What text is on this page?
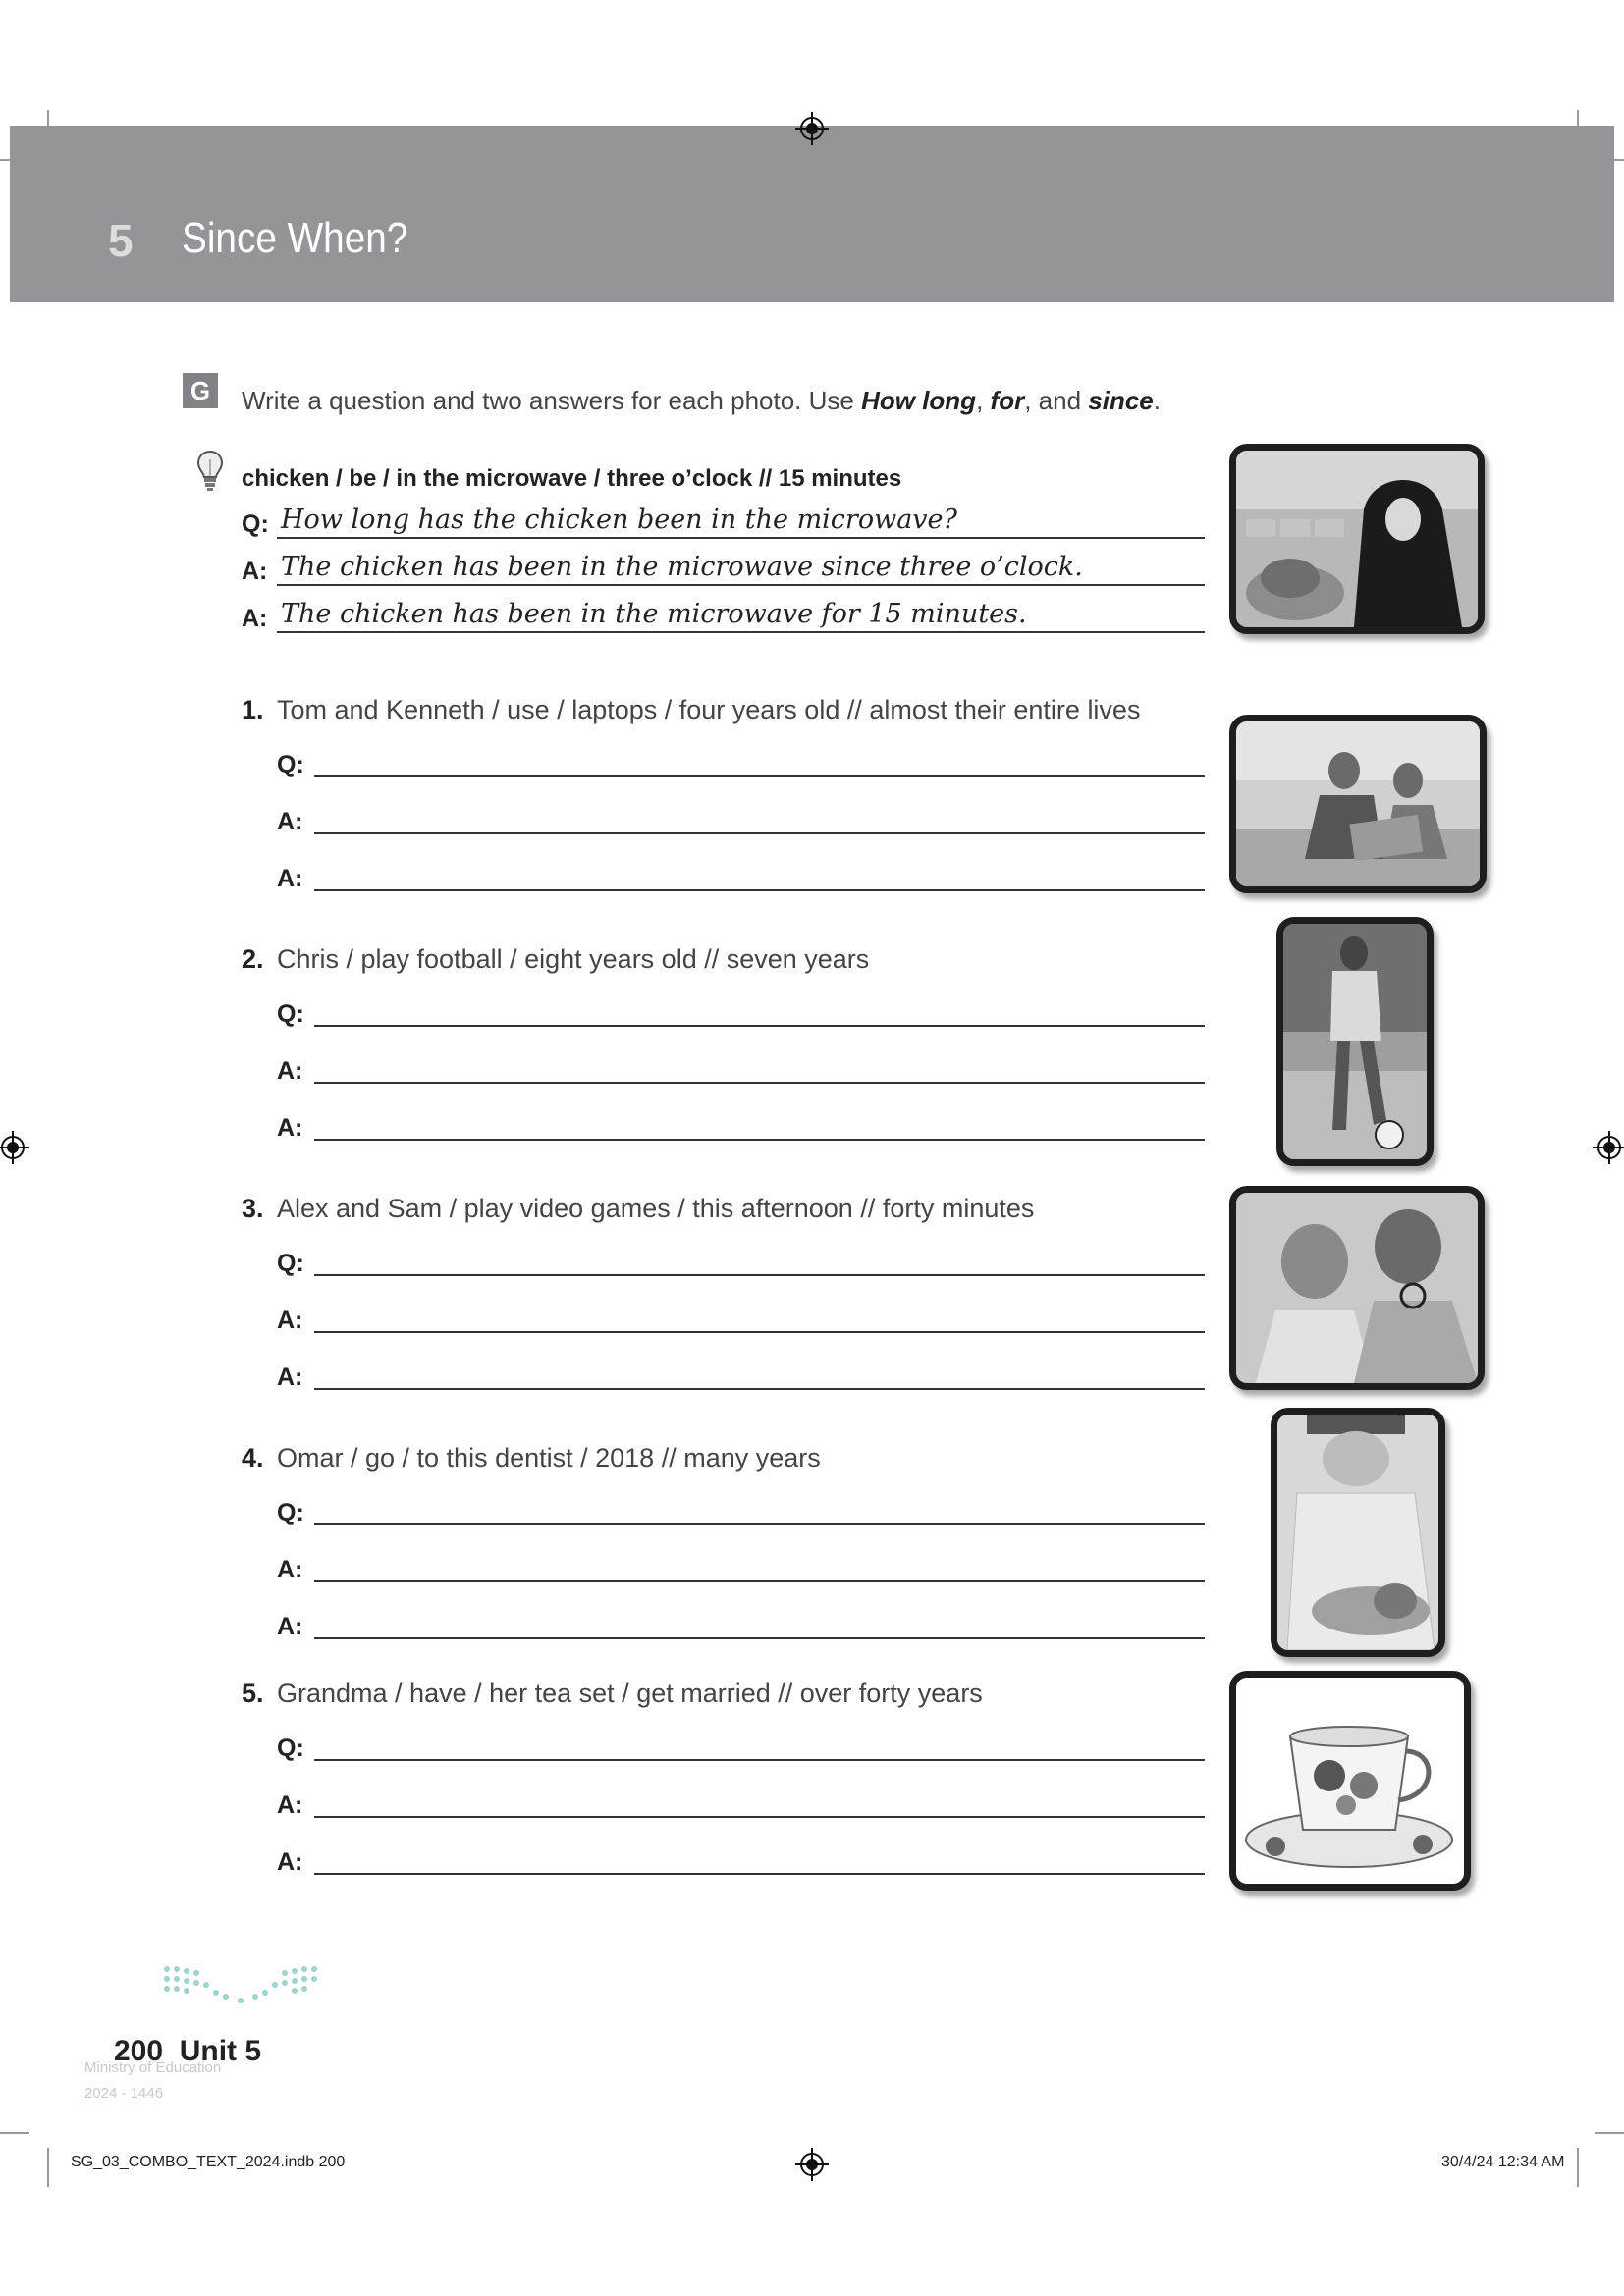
5 Since When?
G	Write a question and two answers for each photo. Use How long, for, and since.
chicken / be / in the microwave / three o’clock // 15 minutes
Q: How long has the chicken been in the microwave?
A: The chicken has been in the microwave since three o’clock.
A: The chicken has been in the microwave for 15 minutes.
1. Tom and Kenneth / use / laptops / four years old // almost their entire lives
Q:
A:
A:
2. Chris / play football / eight years old // seven years
Q:
A:
A:
3. Alex and Sam / play video games / this afternoon // forty minutes
Q:
A:
A:
4. Omar / go / to this dentist / 2018 // many years
Q:
A:
A:
5. Grandma / have / her tea set / get married // over forty years
Q:
A:
A:
200 Unit 5
Ministry of Education
2024 - 1446
SG_03_COMBO_TEXT_2024.indb 200	30/4/24 12:34 AM
